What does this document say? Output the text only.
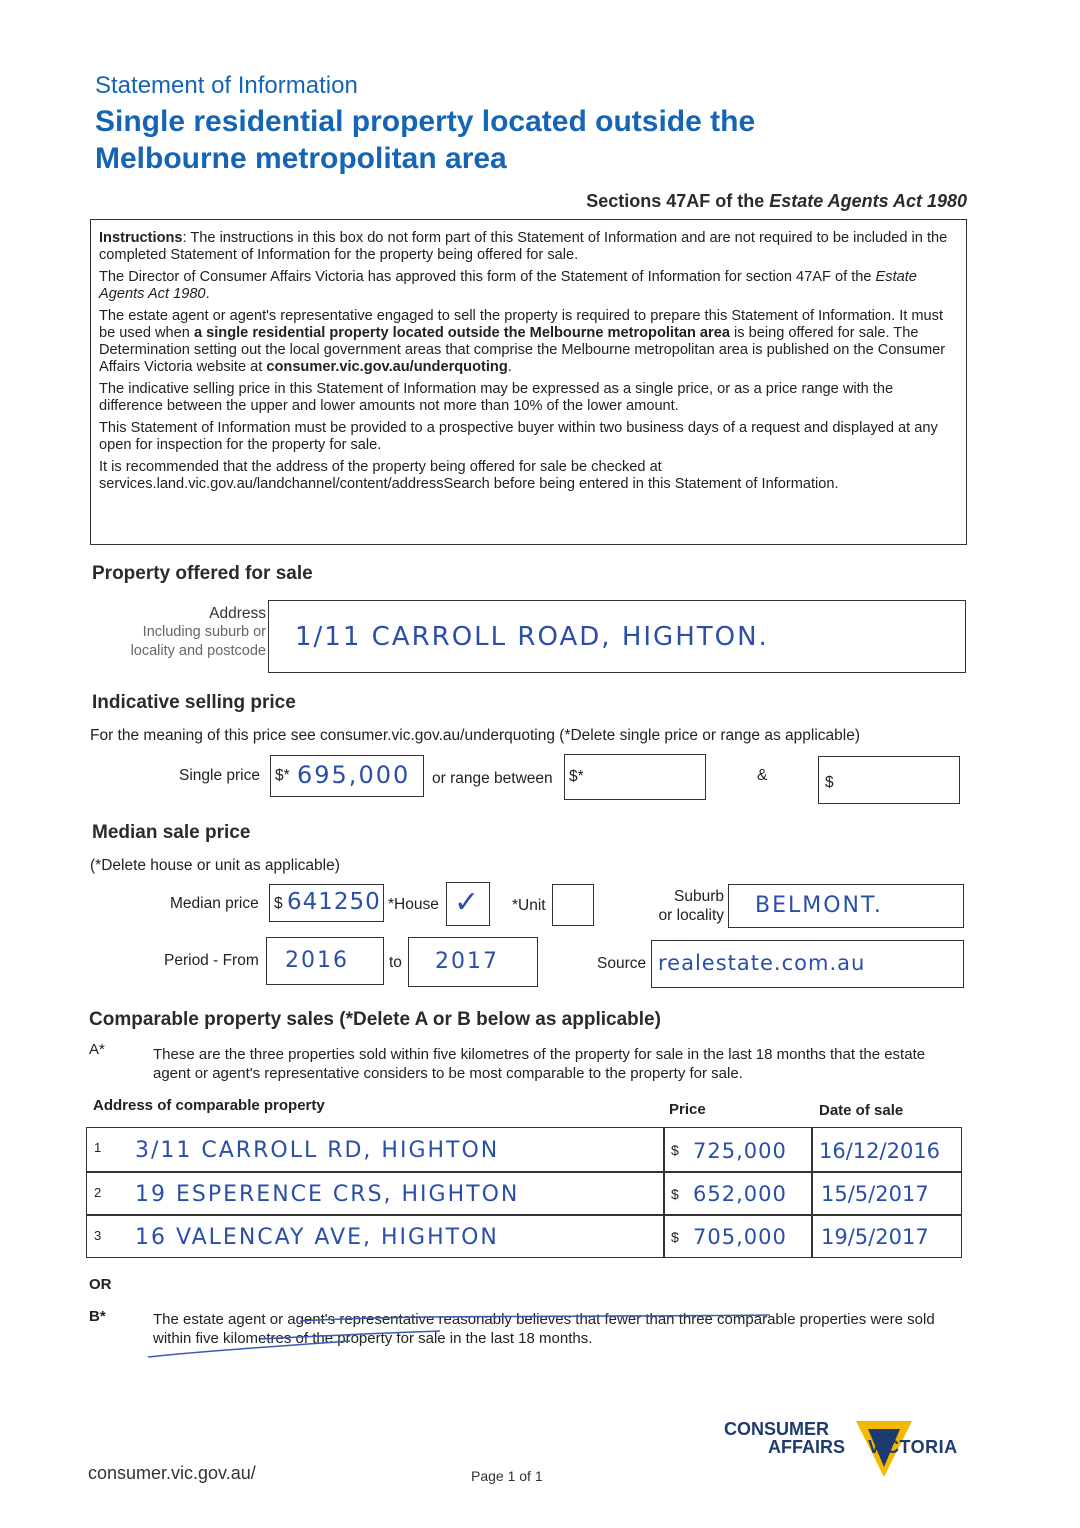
Statement of Information
Single residential property located outside the
Melbourne metropolitan area
Sections 47AF of the Estate Agents Act 1980

Instructions: The instructions in this box do not form part of this Statement of Information and are not required to be included in the completed Statement of Information for the property being offered for sale.

The Director of Consumer Affairs Victoria has approved this form of the Statement of Information for section 47AF of the Estate Agents Act 1980.

The estate agent or agent's representative engaged to sell the property is required to prepare this Statement of Information. It must be used when a single residential property located outside the Melbourne metropolitan area is being offered for sale. The Determination setting out the local government areas that comprise the Melbourne metropolitan area is published on the Consumer Affairs Victoria website at consumer.vic.gov.au/underquoting.

The indicative selling price in this Statement of Information may be expressed as a single price, or as a price range with the difference between the upper and lower amounts not more than 10% of the lower amount.

This Statement of Information must be provided to a prospective buyer within two business days of a request and displayed at any open for inspection for the property for sale.

It is recommended that the address of the property being offered for sale be checked at services.land.vic.gov.au/landchannel/content/addressSearch before being entered in this Statement of Information.

Property offered for sale
Address
Including suburb or
locality and postcode 1/11 CARROLL ROAD, HIGHTON.
Indicative selling price
For the meaning of this price see consumer.vic.gov.au/underquoting (*Delete single price or range as applicable)
Single price $* 695,000 or range between $*	&	$
Median sale price
(*Delete house or unit as applicable)
Median price $ 641250 *House ✓ *Unit
Suburb
or locality BELMONT.
Period - From 2016	to 2017	Source realestate.com.au
Comparable property sales (*Delete A or B below as applicable)
A*	These are the three properties sold within five kilometres of the property for sale in the last 18 months that the estate agent or agent's representative considers to be most comparable to the property for sale.
Address of comparable property	Price	Date of sale
1 3/11 CARROLL RD, HIGHTON	$ 725,000 16/12/2016
2 19 ESPERENCE CRS, HIGHTON	$ 652,000 15/5/2017
3 16 VALENCAY AVE, HIGHTON	$ 705,000 19/5/2017
OR
B*	The estate agent or agent's representative reasonably believes that fewer than three comparable properties were sold within five kilometres of the property for sale in the last 18 months.
consumer.vic.gov.au/	Page 1 of 1
CONSUMER
AFFAIRS VICTORIA
